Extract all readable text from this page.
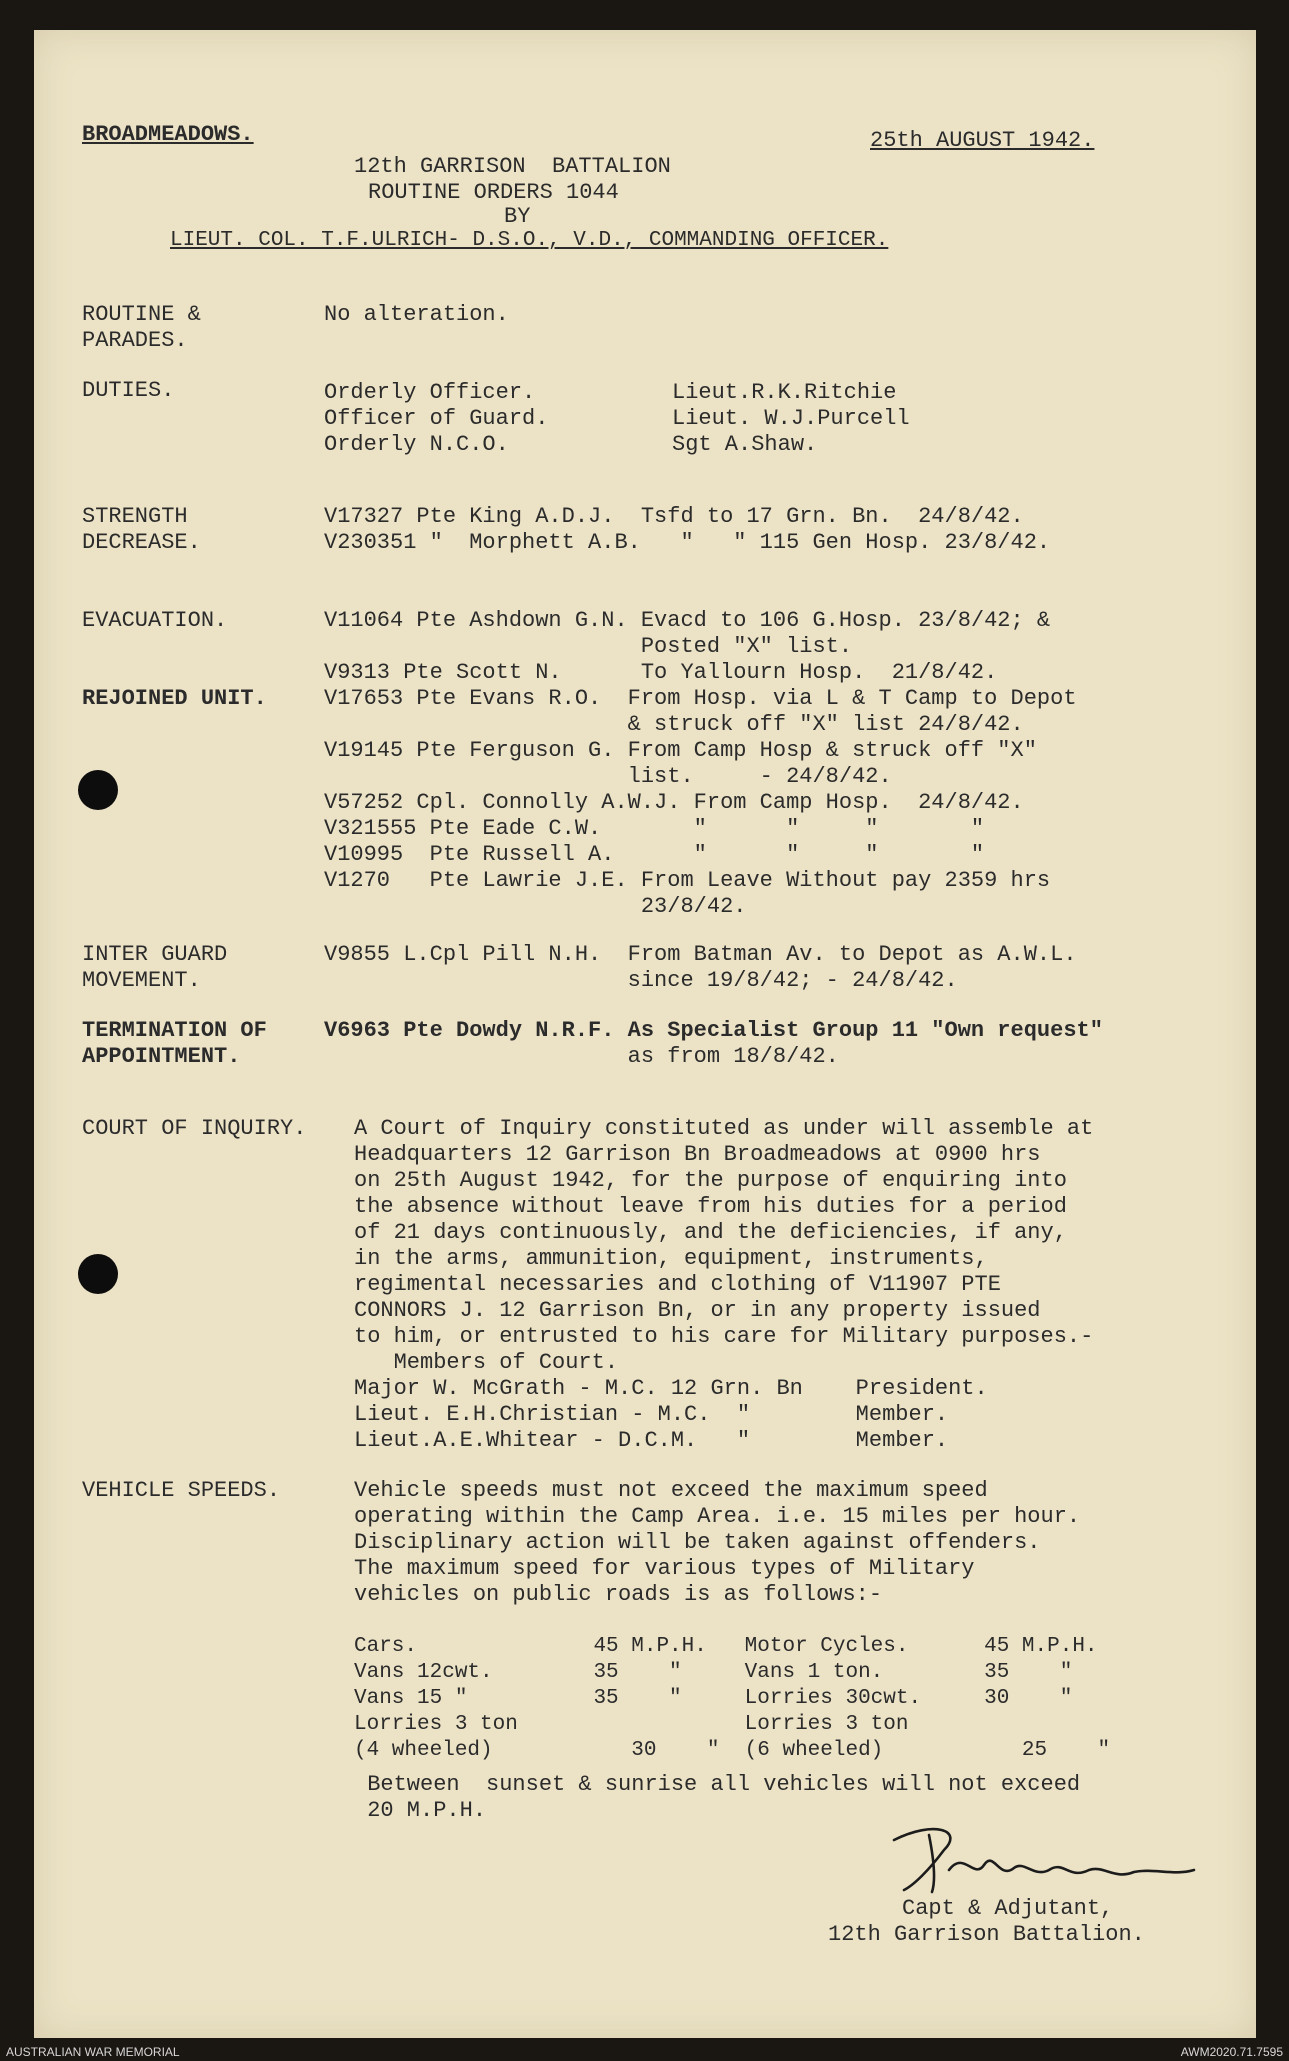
BROADMEADOWS.	25th AUGUST 1942.
12th GARRISON  BATTALION
ROUTINE ORDERS 1044
BY
LIEUT. COL. T.F.ULRICH- D.S.O., V.D., COMMANDING OFFICER.
ROUTINE &
PARADES.
No alteration.
DUTIES.	Orderly Officer.	Lieut.R.K.Ritchie
Officer of Guard.	Lieut. W.J.Purcell
Orderly N.C.O.	Sgt A.Shaw.
STRENGTH
DECREASE.
V17327 Pte King A.D.J.  Tsfd to 17 Grn. Bn.  24/8/42.
V230351 "  Morphett A.B.   "   " 115 Gen Hosp. 23/8/42.
EVACUATION.	V11064 Pte Ashdown G.N. Evacd to 106 G.Hosp. 23/8/42; &
Posted "X" list.
V9313 Pte Scott N.      To Yallourn Hosp.  21/8/42.
REJOINED UNIT.	V17653 Pte Evans R.O.  From Hosp. via L & T Camp to Depot
& struck off "X" list 24/8/42.
V19145 Pte Ferguson G. From Camp Hosp & struck off "X"
list.     - 24/8/42.
V57252 Cpl. Connolly A.W.J. From Camp Hosp.  24/8/42.
V321555 Pte Eade C.W.       "      "     "       "
V10995  Pte Russell A.      "      "     "       "
V1270   Pte Lawrie J.E. From Leave Without pay 2359 hrs
23/8/42.
INTER GUARD
MOVEMENT.
V9855 L.Cpl Pill N.H.  From Batman Av. to Depot as A.W.L.
since 19/8/42; - 24/8/42.
TERMINATION OF
APPOINTMENT.
V6963 Pte Dowdy N.R.F. As Specialist Group 11 "Own request"
as from 18/8/42.
COURT OF INQUIRY. A Court of Inquiry constituted as under will assemble at
Headquarters 12 Garrison Bn Broadmeadows at 0900 hrs
on 25th August 1942, for the purpose of enquiring into
the absence without leave from his duties for a period
of 21 days continuously, and the deficiencies, if any,
in the arms, ammunition, equipment, instruments,
regimental necessaries and clothing of V11907 PTE
CONNORS J. 12 Garrison Bn, or in any property issued
to him, or entrusted to his care for Military purposes.-
Members of Court.
Major W. McGrath - M.C. 12 Grn. Bn    President.
Lieut. E.H.Christian - M.C.  "        Member.
Lieut.A.E.Whitear - D.C.M.   "        Member.
VEHICLE SPEEDS.	Vehicle speeds must not exceed the maximum speed
operating within the Camp Area. i.e. 15 miles per hour.
Disciplinary action will be taken against offenders.
The maximum speed for various types of Military
vehicles on public roads is as follows:-
Cars.              45 M.P.H.   Motor Cycles.      45 M.P.H.
Vans 12cwt.        35    "     Vans 1 ton.        35    "
Vans 15 "          35    "     Lorries 30cwt.     30    "
Lorries 3 ton                  Lorries 3 ton
(4 wheeled)           30    "  (6 wheeled)           25    "
Between  sunset & sunrise all vehicles will not exceed
20 M.P.H.
Capt & Adjutant,
12th Garrison Battalion.
AUSTRALIAN WAR MEMORIAL	AWM2020.71.7595
